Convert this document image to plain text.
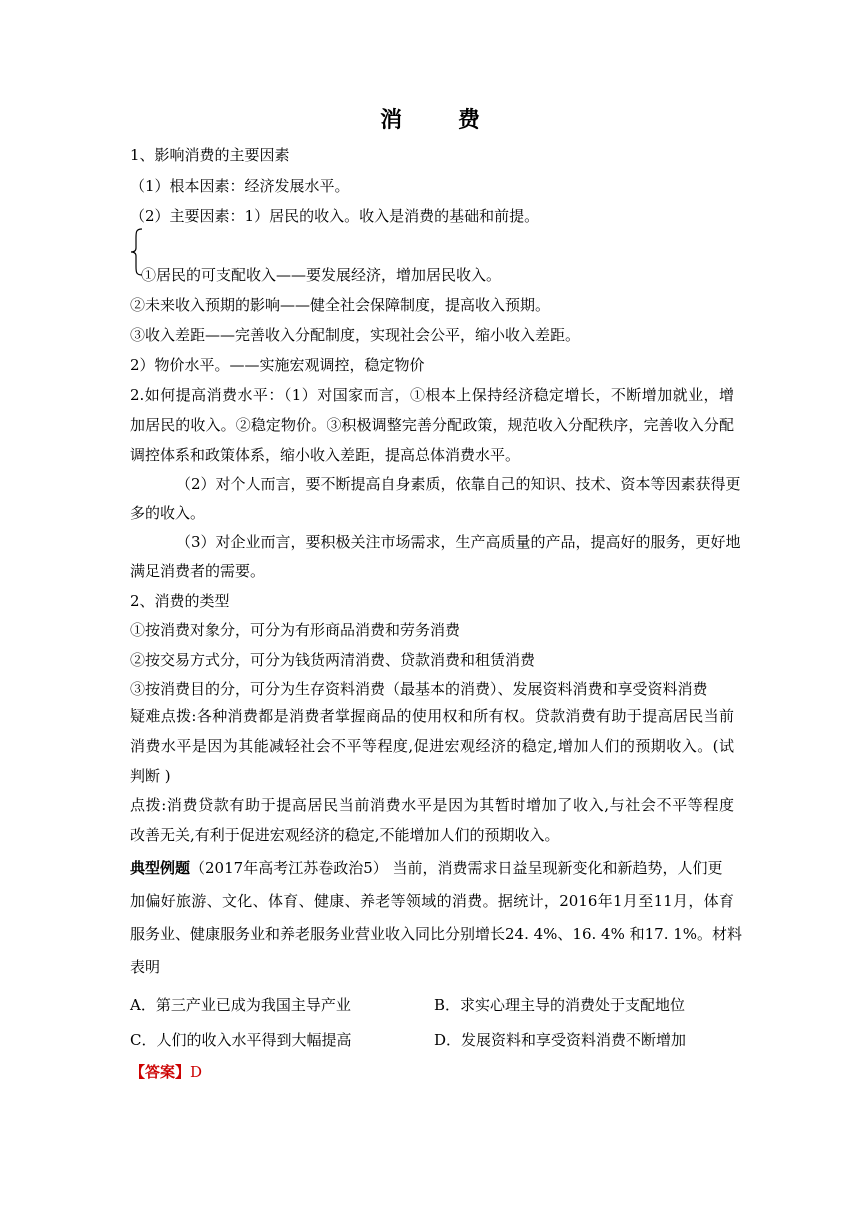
消 费
1、影响消费的主要因素
（1）根本因素：经济发展水平。
（2）主要因素：1）居民的收入。收入是消费的基础和前提。
①居民的可支配收入——要发展经济，增加居民收入。
②未来收入预期的影响——健全社会保障制度，提高收入预期。
③收入差距——完善收入分配制度，实现社会公平，缩小收入差距。
2）物价水平。——实施宏观调控，稳定物价
2.如何提高消费水平：（1）对国家而言，①根本上保持经济稳定增长，不断增加就业，增
加居民的收入。②稳定物价。③积极调整完善分配政策，规范收入分配秩序，完善收入分配
调控体系和政策体系，缩小收入差距，提高总体消费水平。
（2）对个人而言，要不断提高自身素质，依靠自己的知识、技术、资本等因素获得更
多的收入。
（3）对企业而言，要积极关注市场需求，生产高质量的产品，提高好的服务，更好地
满足消费者的需要。
2、消费的类型
①按消费对象分，可分为有形商品消费和劳务消费
②按交易方式分，可分为钱货两清消费、贷款消费和租赁消费
③按消费目的分，可分为生存资料消费（最基本的消费）、发展资料消费和享受资料消费
疑难点拨:各种消费都是消费者掌握商品的使用权和所有权。贷款消费有助于提高居民当前
消费水平是因为其能减轻社会不平等程度,促进宏观经济的稳定,增加人们的预期收入。(试
判断 )
点拨:消费贷款有助于提高居民当前消费水平是因为其暂时增加了收入,与社会不平等程度
改善无关,有利于促进宏观经济的稳定,不能增加人们的预期收入。
典型例题（2017年高考江苏卷政治5） 当前，消费需求日益呈现新变化和新趋势，人们更
加偏好旅游、文化、体育、健康、养老等领域的消费。据统计，2016年1月至11月，体育
服务业、健康服务业和养老服务业营业收入同比分别增长24. 4%、16. 4% 和17. 1%。材料
表明
A．第三产业已成为我国主导产业	B．求实心理主导的消费处于支配地位
C．人们的收入水平得到大幅提高	D．发展资料和享受资料消费不断增加
【答案】D
